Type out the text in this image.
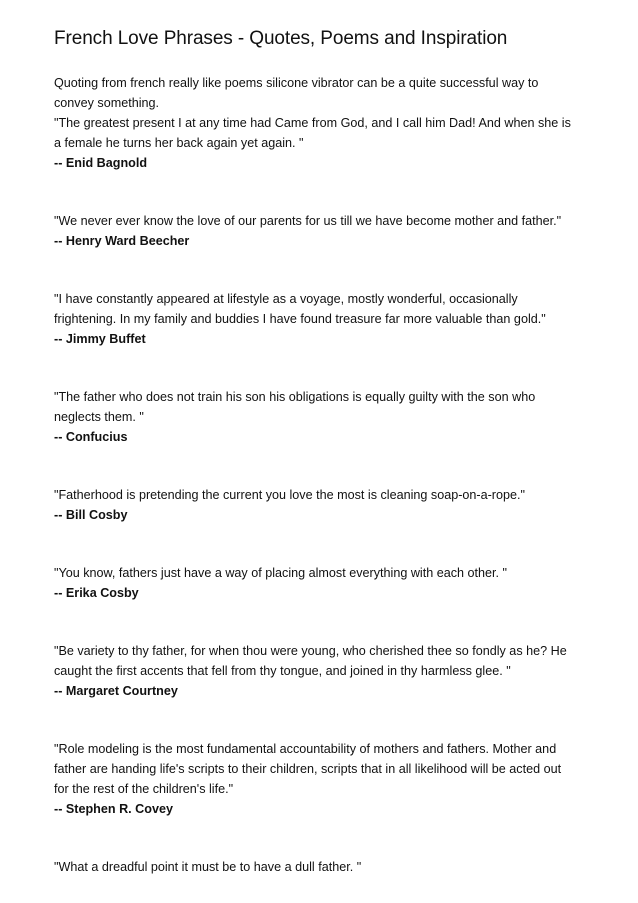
French Love Phrases - Quotes, Poems and Inspiration

Quoting from french really like poems silicone vibrator can be a quite successful way to

convey something.

"The greatest present I at any time had Came from God, and I call him Dad! And when she is

a female he turns her back again yet again. "

-- Enid Bagnold

"We never ever know the love of our parents for us till we have become mother and father."

-- Henry Ward Beecher

"I have constantly appeared at lifestyle as a voyage, mostly wonderful, occasionally

frightening. In my family and buddies I have found treasure far more valuable than gold."

-- Jimmy Buffet

"The father who does not train his son his obligations is equally guilty with the son who

neglects them. "

-- Confucius

"Fatherhood is pretending the current you love the most is cleaning soap-on-a-rope."

-- Bill Cosby

"You know, fathers just have a way of placing almost everything with each other. "

-- Erika Cosby

"Be variety to thy father, for when thou were young, who cherished thee so fondly as he? He

caught the first accents that fell from thy tongue, and joined in thy harmless glee. "

-- Margaret Courtney

"Role modeling is the most fundamental accountability of mothers and fathers. Mother and

father are handing life's scripts to their children, scripts that in all likelihood will be acted out

for the rest of the children's life."

-- Stephen R. Covey

"What a dreadful point it must be to have a dull father. "
